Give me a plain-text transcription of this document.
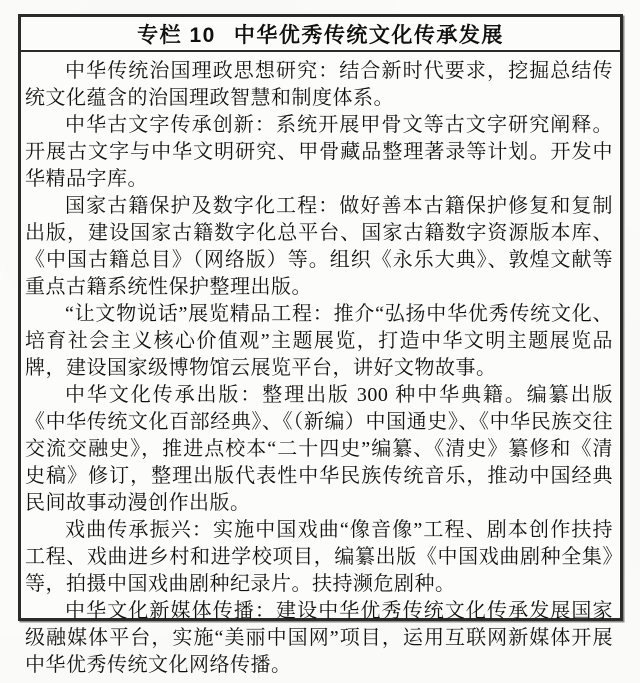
专栏 10 中华优秀传统文化传承发展

中华传统治国理政思想研究：结合新时代要求，挖掘总结传统文化蕴含的治国理政智慧和制度体系。

中华古文字传承创新：系统开展甲骨文等古文字研究阐释。开展古文字与中华文明研究、甲骨藏品整理著录等计划。开发中华精品字库。

国家古籍保护及数字化工程：做好善本古籍保护修复和复制出版，建设国家古籍数字化总平台、国家古籍数字资源版本库、《中国古籍总目》（网络版）等。组织《永乐大典》、敦煌文献等重点古籍系统性保护整理出版。

“让文物说话”展览精品工程：推介“弘扬中华优秀传统文化、培育社会主义核心价值观”主题展览，打造中华文明主题展览品牌，建设国家级博物馆云展览平台，讲好文物故事。

中华文化传承出版：整理出版 300 种中华典籍。编纂出版《中华传统文化百部经典》、《（新编）中国通史》、《中华民族交往交流交融史》，推进点校本“二十四史”编纂、《清史》纂修和《清史稿》修订，整理出版代表性中华民族传统音乐，推动中国经典民间故事动漫创作出版。

戏曲传承振兴：实施中国戏曲“像音像”工程、剧本创作扶持工程、戏曲进乡村和进学校项目，编纂出版《中国戏曲剧种全集》等，拍摄中国戏曲剧种纪录片。扶持濒危剧种。

中华文化新媒体传播：建设中华优秀传统文化传承发展国家级融媒体平台，实施“美丽中国网”项目，运用互联网新媒体开展中华优秀传统文化网络传播。
